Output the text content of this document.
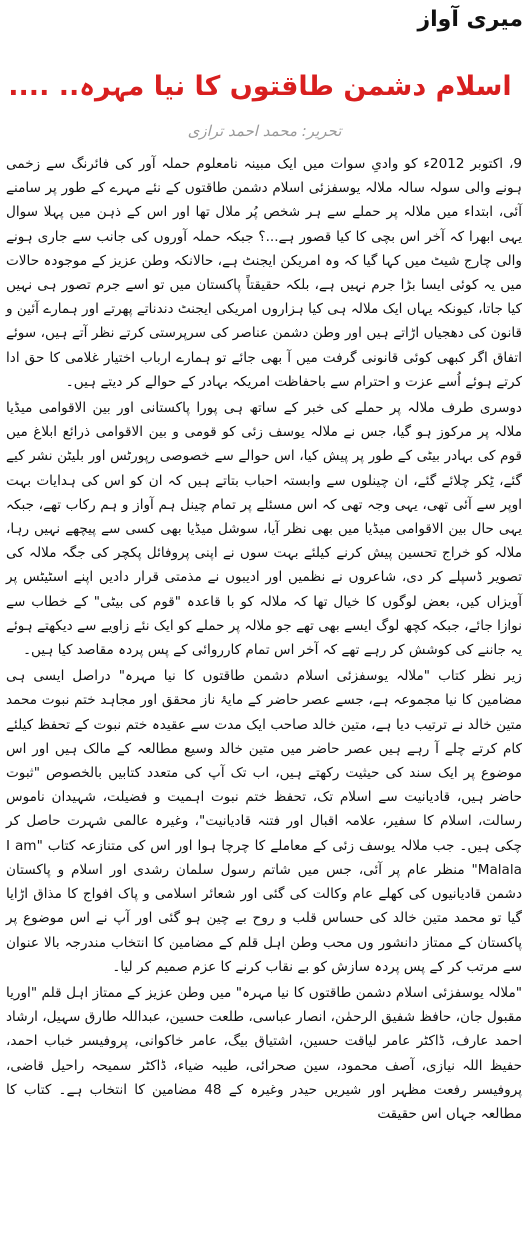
میری آواز
اسلام دشمن طاقتوں کا نیا مہرہ.. ....
تحریر: محمد احمد ترازی

9، اکتوبر 2012ء کو وادیِ سوات میں ایک مبینہ نامعلوم حملہ آور کی فائرنگ سے زخمی ہونے والی سولہ سالہ ملالہ یوسفزئی اسلام دشمن طاقتوں کے نئے مہرے کے طور پر سامنے آئی، ابتداء میں ملالہ پر حملے سے ہر شخص پُر ملال تھا اور اس کے ذہن میں پہلا سوال یہی ابھرا کہ آخر اس بچی کا کیا قصور ہے...؟ جبکہ حملہ آوروں کی جانب سے جاری ہونے والی چارج شیٹ میں کہا گیا کہ وہ امریکن ایجنٹ ہے، حالانکہ وطن عزیز کے موجودہ حالات میں یہ کوئی ایسا بڑا جرم نہیں ہے، بلکہ حقیقتاً پاکستان میں تو اسے جرم تصور ہی نہیں کیا جاتا، کیونکہ یہاں ایک ملالہ ہی کیا ہزاروں امریکی ایجنٹ دندناتے پھرتے اور ہمارے آئین و قانون کی دھجیاں اڑاتے ہیں اور وطن دشمن عناصر کی سرپرستی کرتے نظر آتے ہیں، سوئے اتفاق اگر کبھی کوئی قانونی گرفت میں آ بھی جائے تو ہمارے ارباب اختیار غلامی کا حق ادا کرتے ہوئے اُسے عزت و احترام سے باحفاظت امریکہ بہادر کے حوالے کر دیتے ہیں۔

دوسری طرف ملالہ پر حملے کی خبر کے ساتھ ہی پورا پاکستانی اور بین الاقوامی میڈیا ملالہ پر مرکوز ہو گیا، جس نے ملالہ یوسف زئی کو قومی و بین الاقوامی ذرائع ابلاغ میں قوم کی بہادر بیٹی کے طور پر پیش کیا، اس حوالے سے خصوصی رپورٹس اور بلیٹن نشر کیے گئے، ٹِکر چلائے گئے، ان چینلوں سے وابستہ احباب بتاتے ہیں کہ ان کو اس کی ہدایات بہت اوپر سے آئی تھی، یہی وجہ تھی کہ اس مسئلے پر تمام چینل ہم آواز و ہم رکاب تھے، جبکہ یہی حال بین الاقوامی میڈیا میں بھی نظر آیا، سوشل میڈیا بھی کسی سے پیچھے نہیں رہا، ملالہ کو خراج تحسین پیش کرنے کیلئے بہت سوں نے اپنی پروفائل پکچر کی جگہ ملالہ کی تصویر ڈسپلے کر دی، شاعروں نے نظمیں اور ادیبوں نے مذمتی قرار دادیں اپنے اسٹیٹس پر آویزاں کیں، بعض لوگوں کا خیال تھا کہ ملالہ کو با قاعدہ "قوم کی بیٹی" کے خطاب سے نوازا جائے، جبکہ کچھ لوگ ایسے بھی تھے جو ملالہ پر حملے کو ایک نئے زاویے سے دیکھتے ہوئے یہ جاننے کی کوشش کر رہے تھے کہ آخر اس تمام کارروائی کے پس پردہ مقاصد کیا ہیں۔

زیر نظر کتاب "ملالہ یوسفزئی اسلام دشمن طاقتوں کا نیا مہرہ" دراصل ایسی ہی مضامین کا نیا مجموعہ ہے، جسے عصر حاضر کے مایۂ ناز محقق اور مجاہد ختم نبوت محمد متین خالد نے ترتیب دیا ہے، متین خالد صاحب ایک مدت سے عقیدہ ختم نبوت کے تحفظ کیلئے کام کرتے چلے آ رہے ہیں عصر حاضر میں متین خالد وسیع مطالعہ کے مالک ہیں اور اس موضوع پر ایک سند کی حیثیت رکھتے ہیں، اب تک آپ کی متعدد کتابیں بالخصوص "ثبوت حاضر ہیں، قادیانیت سے اسلام تک، تحفظ ختم نبوت اہمیت و فضیلت، شہیدان ناموس رسالت، اسلام کا سفیر، علامہ اقبال اور فتنہ قادیانیت"، وغیرہ عالمی شہرت حاصل کر چکی ہیں۔ جب ملالہ یوسف زئی کے معاملے کا چرچا ہوا اور اس کی متنازعہ کتاب "I am Malala" منظر عام پر آئی، جس میں شاتم رسول سلمان رشدی اور اسلام و پاکستان دشمن قادیانیوں کی کھلے عام وکالت کی گئی اور شعائر اسلامی و پاک افواج کا مذاق اڑایا گیا تو محمد متین خالد کی حساس قلب و روح بے چین ہو گئی اور آپ نے اس موضوع پر پاکستان کے ممتاز دانشور وں محب وطن اہل قلم کے مضامین کا انتخاب مندرجہ بالا عنوان سے مرتب کر کے پس پردہ سازش کو بے نقاب کرنے کا عزم صمیم کر لیا۔

"ملالہ یوسفزئی اسلام دشمن طاقتوں کا نیا مہرہ" میں وطن عزیز کے ممتاز اہل قلم "اوریا مقبول جان، حافظ شفیق الرحمٰن، انصار عباسی، طلعت حسین، عبداللہ طارق سہیل، ارشاد احمد عارف، ڈاکٹر عامر لیاقت حسین، اشتیاق بیگ، عامر خاکوانی، پروفیسر خباب احمد، حفیظ اللہ نیازی، آصف محمود، سین صحرائی، طیبہ ضیاء، ڈاکٹر سمیحہ راحیل قاضی، پروفیسر رفعت مظہر اور شیریں حیدر وغیرہ کے 48 مضامین کا انتخاب ہے۔ کتاب کا مطالعہ جہاں اس حقیقت
